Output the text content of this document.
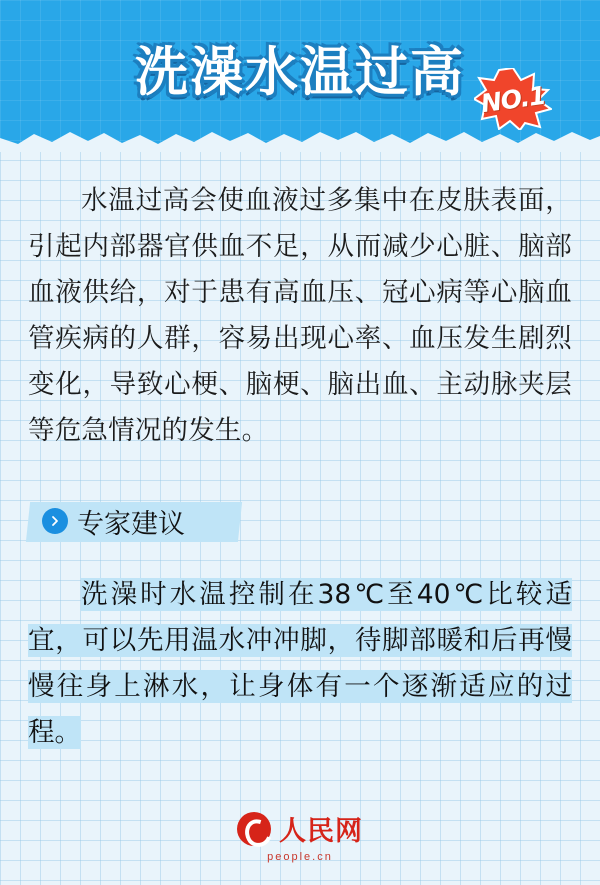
洗澡水温过高 NO.1

水温过高会使血液过多集中在皮肤表面，引起内部器官供血不足，从而减少心脏、脑部血液供给，对于患有高血压、冠心病等心脑血管疾病的人群，容易出现心率、血压发生剧烈变化，导致心梗、脑梗、脑出血、主动脉夹层等危急情况的发生。

专家建议

洗澡时水温控制在38℃至40℃比较适宜，可以先用温水冲冲脚，待脚部暖和后再慢慢往身上淋水，让身体有一个逐渐适应的过程。

人民网
people.cn
